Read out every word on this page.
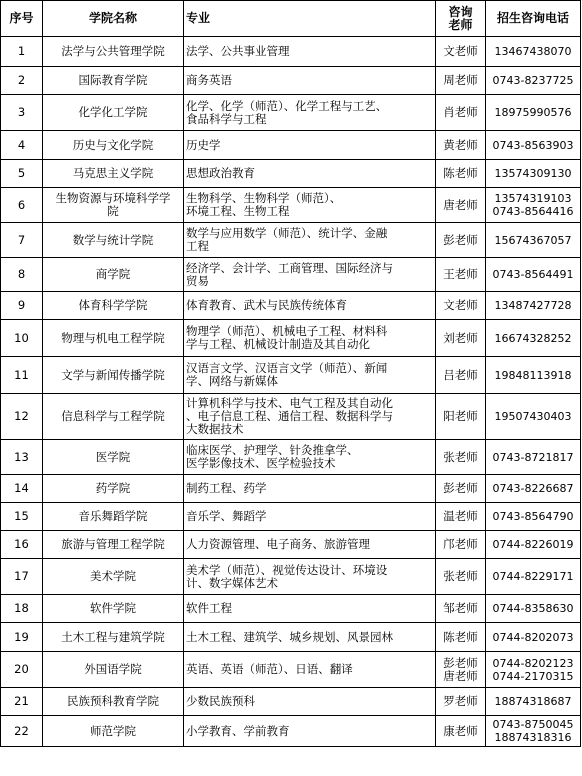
序号	学院名称	专业	咨询
老师	招生咨询电话
1	法学与公共管理学院	法学、公共事业管理	文老师	13467438070

2	国际教育学院	商务英语	周老师	0743-8237725

3	化学化工学院	化学、化学（师范）、化学工程与工艺、
食品科学与工程	肖老师	18975990576

4	历史与文化学院	历史学	黄老师	0743-8563903

5	马克思主义学院	思想政治教育	陈老师	13574309130

6	生物资源与环境科学学
院	生物科学、生物科学（师范）、
环境工程、生物工程	唐老师	13574319103
0743-8564416

7	数学与统计学院	数学与应用数学（师范）、统计学、金融
工程	彭老师	15674367057

8	商学院	经济学、会计学、工商管理、国际经济与
贸易	王老师	0743-8564491

9	体育科学学院	体育教育、武术与民族传统体育	文老师	13487427728

10	物理与机电工程学院	物理学（师范）、机械电子工程、材料科
学与工程、机械设计制造及其自动化	刘老师	16674328252

11	文学与新闻传播学院	汉语言文学、汉语言文学（师范）、新闻
学、网络与新媒体	吕老师	19848113918

12	信息科学与工程学院	计算机科学与技术、电气工程及其自动化
、电子信息工程、通信工程、数据科学与
大数据技术	阳老师	19507430403

13	医学院	临床医学、护理学、针灸推拿学、
医学影像技术、医学检验技术	张老师	0743-8721817

14	药学院	制药工程、药学	彭老师	0743-8226687

15	音乐舞蹈学院	音乐学、舞蹈学	温老师	0743-8564790

16	旅游与管理工程学院	人力资源管理、电子商务、旅游管理	邝老师	0744-8226019

17	美术学院	美术学（师范）、视觉传达设计、环境设
计、数字媒体艺术	张老师	0744-8229171

18	软件学院	软件工程	邹老师	0744-8358630

19	土木工程与建筑学院	土木工程、建筑学、城乡规划、风景园林	陈老师	0744-8202073

20	外国语学院	英语、英语（师范）、日语、翻译	彭老师
唐老师	0744-8202123
0744-2170315

21	民族预科教育学院	少数民族预科	罗老师	18874318687

22	师范学院	小学教育、学前教育	康老师	0743-8750045
18874318316
